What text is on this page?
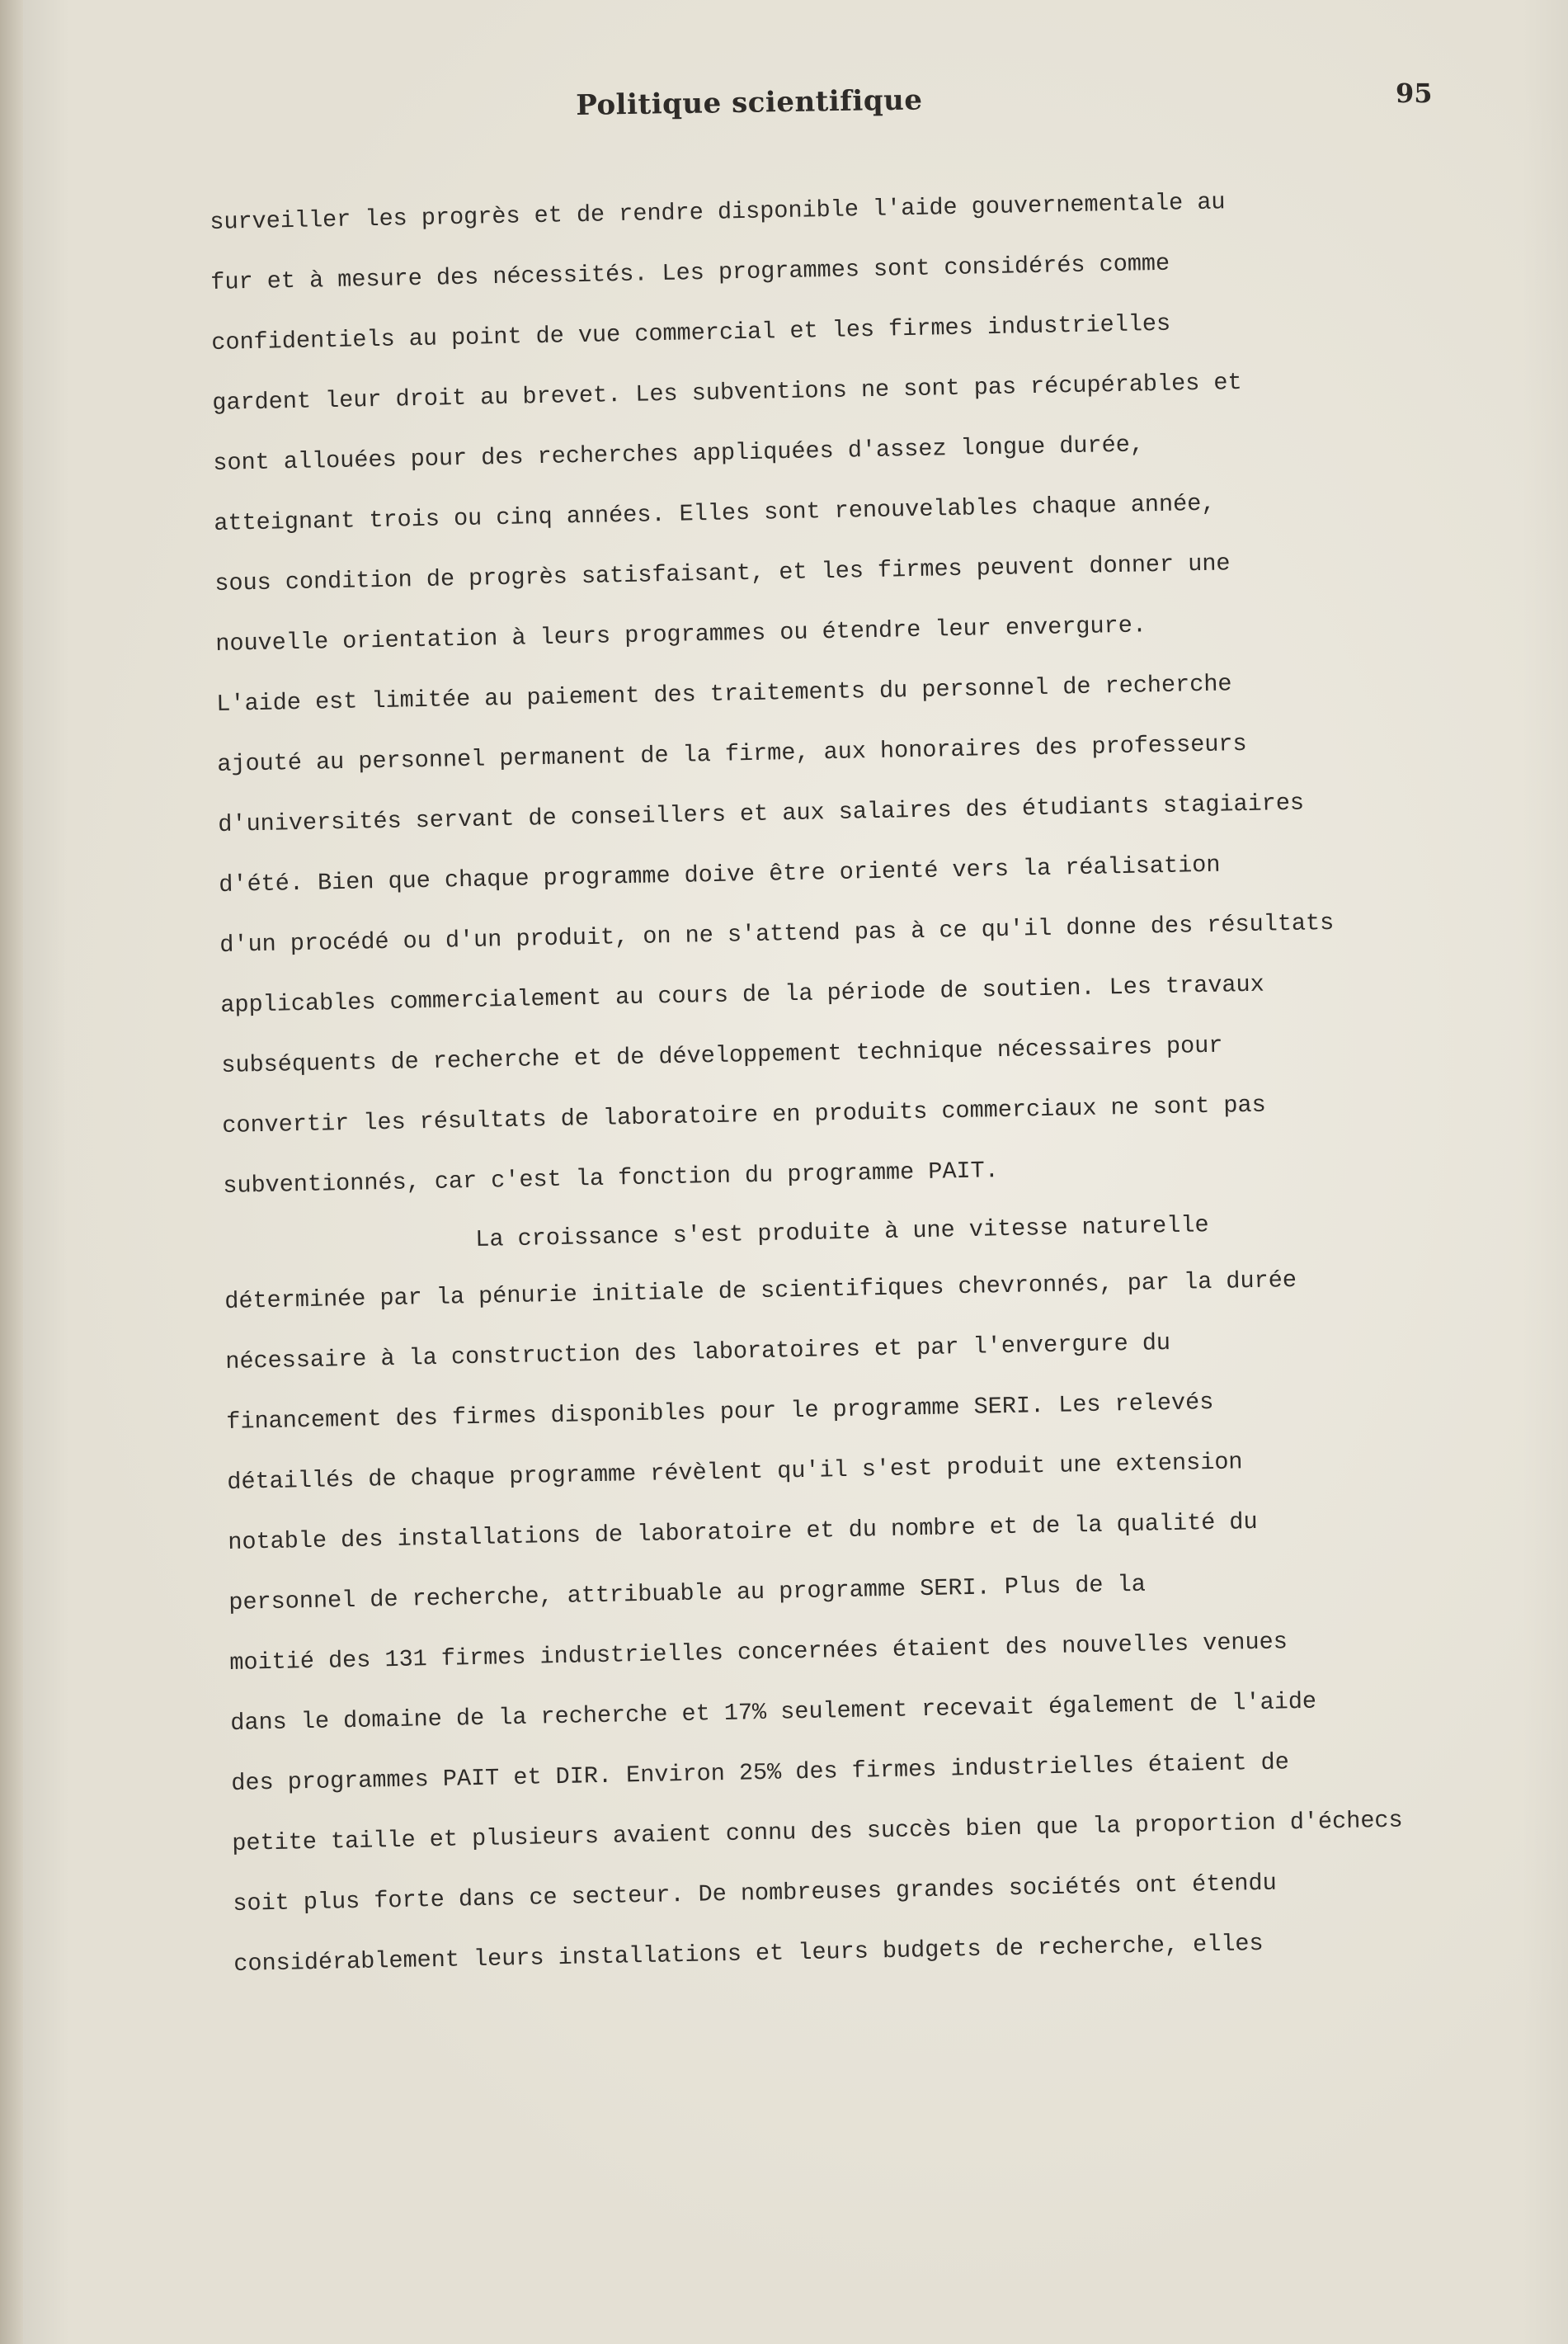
Politique scientifique	95
surveiller les progrès et de rendre disponible l'aide gouvernementale au
fur et à mesure des nécessités. Les programmes sont considérés comme
confidentiels au point de vue commercial et les firmes industrielles
gardent leur droit au brevet. Les subventions ne sont pas récupérables et
sont allouées pour des recherches appliquées d'assez longue durée,
atteignant trois ou cinq années. Elles sont renouvelables chaque année,
sous condition de progrès satisfaisant, et les firmes peuvent donner une
nouvelle orientation à leurs programmes ou étendre leur envergure.
L'aide est limitée au paiement des traitements du personnel de recherche
ajouté au personnel permanent de la firme, aux honoraires des professeurs
d'universités servant de conseillers et aux salaires des étudiants stagiaires
d'été. Bien que chaque programme doive être orienté vers la réalisation
d'un procédé ou d'un produit, on ne s'attend pas à ce qu'il donne des résultats
applicables commercialement au cours de la période de soutien. Les travaux
subséquents de recherche et de développement technique nécessaires pour
convertir les résultats de laboratoire en produits commerciaux ne sont pas
subventionnés, car c'est la fonction du programme PAIT.
La croissance s'est produite à une vitesse naturelle
déterminée par la pénurie initiale de scientifiques chevronnés, par la durée
nécessaire à la construction des laboratoires et par l'envergure du
financement des firmes disponibles pour le programme SERI. Les relevés
détaillés de chaque programme révèlent qu'il s'est produit une extension
notable des installations de laboratoire et du nombre et de la qualité du
personnel de recherche, attribuable au programme SERI. Plus de la
moitié des 131 firmes industrielles concernées étaient des nouvelles venues
dans le domaine de la recherche et 17% seulement recevait également de l'aide
des programmes PAIT et DIR. Environ 25% des firmes industrielles étaient de
petite taille et plusieurs avaient connu des succès bien que la proportion d'échecs
soit plus forte dans ce secteur. De nombreuses grandes sociétés ont étendu
considérablement leurs installations et leurs budgets de recherche, elles
